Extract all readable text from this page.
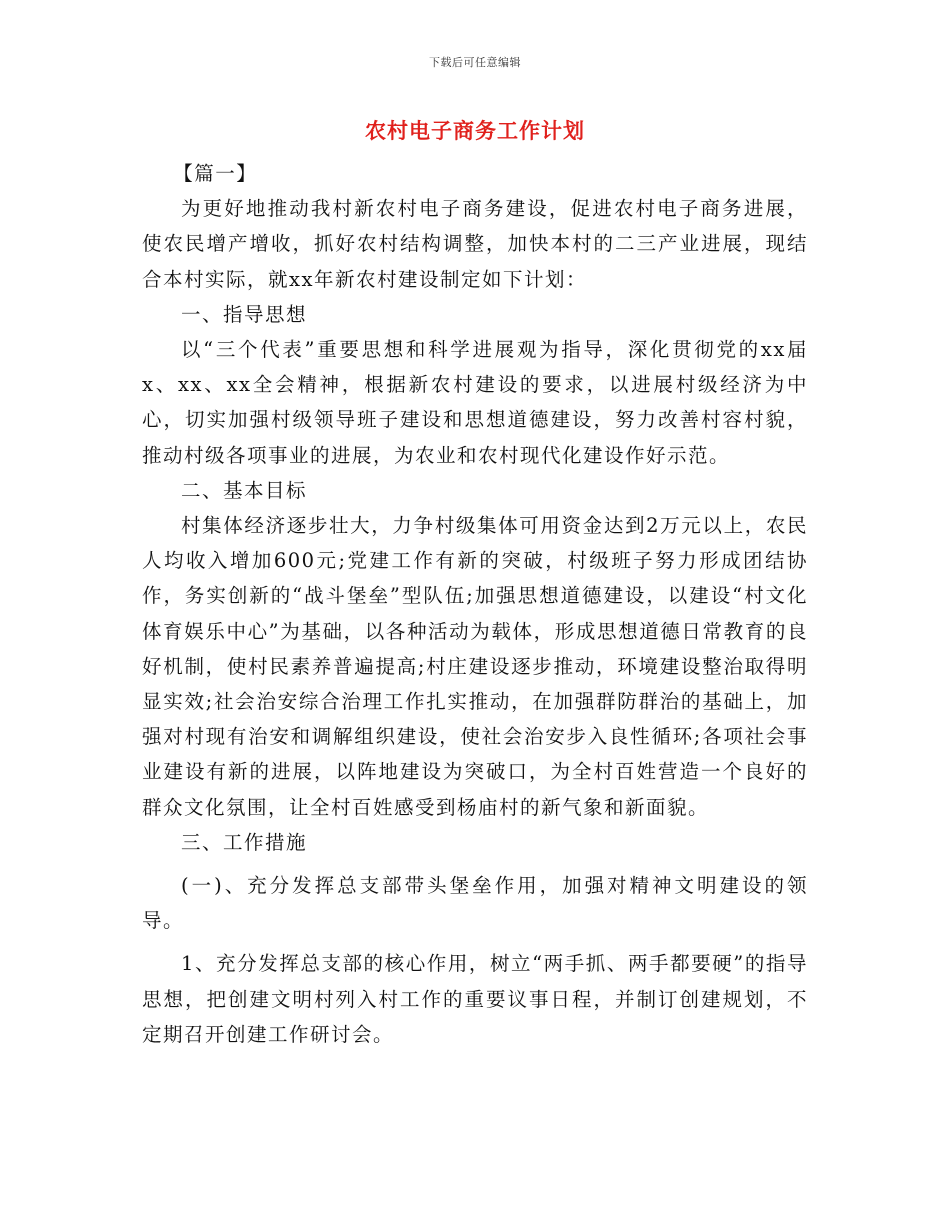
下载后可任意编辑
农村电子商务工作计划

【篇一】

为更好地推动我村新农村电子商务建设，促进农村电子商务进展，使农民增产增收，抓好农村结构调整，加快本村的二三产业进展，现结合本村实际，就xx年新农村建设制定如下计划：

一、指导思想

以“三个代表”重要思想和科学进展观为指导，深化贯彻党的xx届x、xx、xx全会精神，根据新农村建设的要求，以进展村级经济为中心，切实加强村级领导班子建设和思想道德建设，努力改善村容村貌，推动村级各项事业的进展，为农业和农村现代化建设作好示范。

二、基本目标

村集体经济逐步壮大，力争村级集体可用资金达到2万元以上，农民人均收入增加600元;党建工作有新的突破，村级班子努力形成团结协作，务实创新的“战斗堡垒”型队伍;加强思想道德建设，以建设“村文化体育娱乐中心”为基础，以各种活动为载体，形成思想道德日常教育的良好机制，使村民素养普遍提高;村庄建设逐步推动，环境建设整治取得明显实效;社会治安综合治理工作扎实推动，在加强群防群治的基础上，加强对村现有治安和调解组织建设，使社会治安步入良性循环;各项社会事业建设有新的进展，以阵地建设为突破口，为全村百姓营造一个良好的群众文化氛围，让全村百姓感受到杨庙村的新气象和新面貌。

三、工作措施

(一)、充分发挥总支部带头堡垒作用，加强对精神文明建设的领导。

1、充分发挥总支部的核心作用，树立“两手抓、两手都要硬”的指导思想，把创建文明村列入村工作的重要议事日程，并制订创建规划，不定期召开创建工作研讨会。
